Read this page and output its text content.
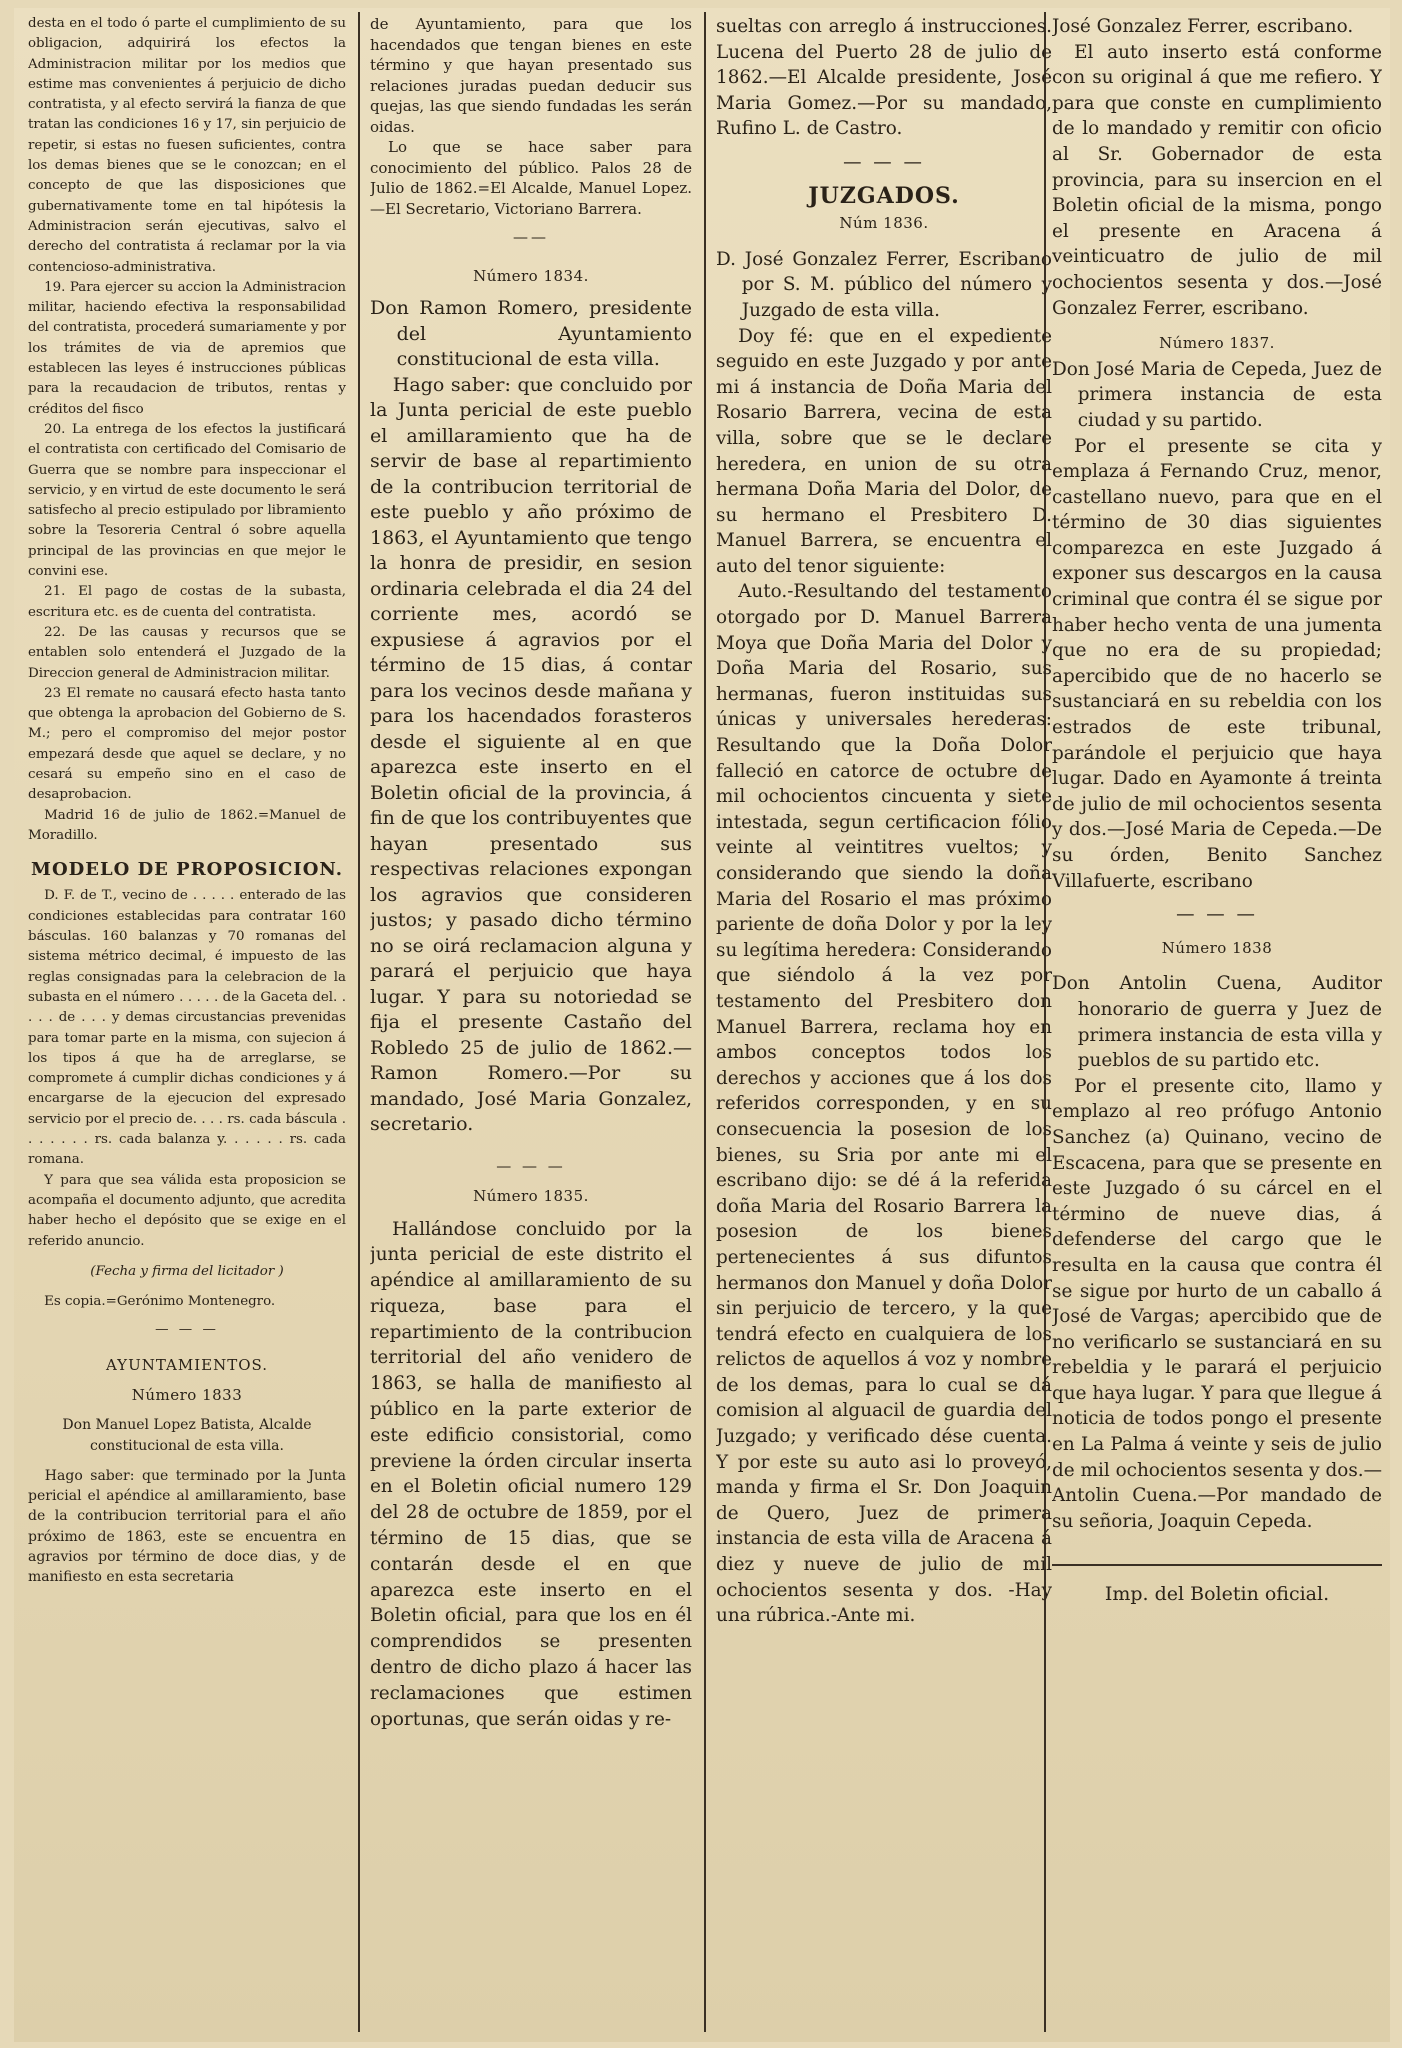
desta en el todo ó parte el cumplimiento de su obligacion, adquirirá los efectos la Administracion militar por los medios que estime mas convenientes á perjuicio de dicho contratista, y al efecto servirá la fianza de que tratan las condiciones 16 y 17, sin perjuicio de repetir, si estas no fuesen suficientes, contra los demas bienes que se le conozcan; en el concepto de que las disposiciones que gubernativamente tome en tal hipótesis la Administracion serán ejecutivas, salvo el derecho del contratista á reclamar por la via contencioso-administrativa.

19. Para ejercer su accion la Administracion militar, haciendo efectiva la responsabilidad del contratista, procederá sumariamente y por los trámites de via de apremios que establecen las leyes é instrucciones públicas para la recaudacion de tributos, rentas y créditos del fisco

20. La entrega de los efectos la justificará el contratista con certificado del Comisario de Guerra que se nombre para inspeccionar el servicio, y en virtud de este documento le será satisfecho al precio estipulado por libramiento sobre la Tesoreria Central ó sobre aquella principal de las provincias en que mejor le convini ese.

21. El pago de costas de la subasta, escritura etc. es de cuenta del contratista.

22. De las causas y recursos que se entablen solo entenderá el Juzgado de la Direccion general de Administracion militar.

23 El remate no causará efecto hasta tanto que obtenga la aprobacion del Gobierno de S. M.; pero el compromiso del mejor postor empezará desde que aquel se declare, y no cesará su empeño sino en el caso de desaprobacion.

Madrid 16 de julio de 1862.=Manuel de Moradillo.

MODELO DE PROPOSICION.

D. F. de T., vecino de . . . . . enterado de las condiciones establecidas para contratar 160 básculas. 160 balanzas y 70 romanas del sistema métrico decimal, é impuesto de las reglas consignadas para la celebracion de la subasta en el número . . . . . de la Gaceta del. . . . . de . . . y demas circustancias prevenidas para tomar parte en la misma, con sujecion á los tipos á que ha de arreglarse, se compromete á cumplir dichas condiciones y á encargarse de la ejecucion del expresado servicio por el precio de. . . . rs. cada báscula . . . . . . . rs. cada balanza y. . . . . . rs. cada romana.

Y para que sea válida esta proposicion se acompaña el documento adjunto, que acredita haber hecho el depósito que se exige en el referido anuncio.

(Fecha y firma del licitador )

Es copia.=Gerónimo Montenegro.

— — —
AYUNTAMIENTOS.
Número 1833

Don Manuel Lopez Batista, Alcalde constitucional de esta villa.

Hago saber: que terminado por la Junta pericial el apéndice al amillaramiento, base de la contribucion territorial para el año próximo de 1863, este se encuentra en agravios por término de doce dias, y de manifiesto en esta secretaria

de Ayuntamiento, para que los hacendados que tengan bienes en este término y que hayan presentado sus relaciones juradas puedan deducir sus quejas, las que siendo fundadas les serán oidas.

Lo que se hace saber para conocimiento del público. Palos 28 de Julio de 1862.=El Alcalde, Manuel Lopez.—El Secretario, Victoriano Barrera.

——
Número 1834.

Don Ramon Romero, presidente del Ayuntamiento constitucional de esta villa.

Hago saber: que concluido por la Junta pericial de este pueblo el amillaramiento que ha de servir de base al repartimiento de la contribucion territorial de este pueblo y año próximo de 1863, el Ayuntamiento que tengo la honra de presidir, en sesion ordinaria celebrada el dia 24 del corriente mes, acordó se expusiese á agravios por el término de 15 dias, á contar para los vecinos desde mañana y para los hacendados forasteros desde el siguiente al en que aparezca este inserto en el Boletin oficial de la provincia, á fin de que los contribuyentes que hayan presentado sus respectivas relaciones expongan los agravios que consideren justos; y pasado dicho término no se oirá reclamacion alguna y parará el perjuicio que haya lugar. Y para su notoriedad se fija el presente Castaño del Robledo 25 de julio de 1862.—Ramon Romero.—Por su mandado, José Maria Gonzalez, secretario.

— — —
Número 1835.

Hallándose concluido por la junta pericial de este distrito el apéndice al amillaramiento de su riqueza, base para el repartimiento de la contribucion territorial del año venidero de 1863, se halla de manifiesto al público en la parte exterior de este edificio consistorial, como previene la órden circular inserta en el Boletin oficial numero 129 del 28 de octubre de 1859, por el término de 15 dias, que se contarán desde el en que aparezca este inserto en el Boletin oficial, para que los en él comprendidos se presenten dentro de dicho plazo á hacer las reclamaciones que estimen oportunas, que serán oidas y re-

sueltas con arreglo á instrucciones. Lucena del Puerto 28 de julio de 1862.—El Alcalde presidente, José Maria Gomez.—Por su mandado, Rufino L. de Castro.

— — —
JUZGADOS.
Núm 1836.

D. José Gonzalez Ferrer, Escribano por S. M. público del número y Juzgado de esta villa.

Doy fé: que en el expediente seguido en este Juzgado y por ante mi á instancia de Doña Maria del Rosario Barrera, vecina de esta villa, sobre que se le declare heredera, en union de su otra hermana Doña Maria del Dolor, de su hermano el Presbitero D. Manuel Barrera, se encuentra el auto del tenor siguiente:

Auto.-Resultando del testamento otorgado por D. Manuel Barrera Moya que Doña Maria del Dolor y Doña Maria del Rosario, sus hermanas, fueron instituidas sus únicas y universales herederas: Resultando que la Doña Dolor falleció en catorce de octubre de mil ochocientos cincuenta y siete intestada, segun certificacion fólio veinte al veintitres vueltos; y considerando que siendo la doña Maria del Rosario el mas próximo pariente de doña Dolor y por la ley su legítima heredera: Considerando que siéndolo á la vez por testamento del Presbitero don Manuel Barrera, reclama hoy en ambos conceptos todos los derechos y acciones que á los dos referidos corresponden, y en su consecuencia la posesion de los bienes, su Sria por ante mi el escribano dijo: se dé á la referida doña Maria del Rosario Barrera la posesion de los bienes pertenecientes á sus difuntos hermanos don Manuel y doña Dolor sin perjuicio de tercero, y la que tendrá efecto en cualquiera de los relictos de aquellos á voz y nombre de los demas, para lo cual se dá comision al alguacil de guardia del Juzgado; y verificado dése cuenta. Y por este su auto asi lo proveyó, manda y firma el Sr. Don Joaquin de Quero, Juez de primera instancia de esta villa de Aracena á diez y nueve de julio de mil ochocientos sesenta y dos. -Hay una rúbrica.-Ante mi.

José Gonzalez Ferrer, escribano.

El auto inserto está conforme con su original á que me refiero. Y para que conste en cumplimiento de lo mandado y remitir con oficio al Sr. Gobernador de esta provincia, para su insercion en el Boletin oficial de la misma, pongo el presente en Aracena á veinticuatro de julio de mil ochocientos sesenta y dos.—José Gonzalez Ferrer, escribano.

Número 1837.

Don José Maria de Cepeda, Juez de primera instancia de esta ciudad y su partido.

Por el presente se cita y emplaza á Fernando Cruz, menor, castellano nuevo, para que en el término de 30 dias siguientes comparezca en este Juzgado á exponer sus descargos en la causa criminal que contra él se sigue por haber hecho venta de una jumenta que no era de su propiedad; apercibido que de no hacerlo se sustanciará en su rebeldia con los estrados de este tribunal, parándole el perjuicio que haya lugar. Dado en Ayamonte á treinta de julio de mil ochocientos sesenta y dos.—José Maria de Cepeda.—De su órden, Benito Sanchez Villafuerte, escribano

— — —
Número 1838

Don Antolin Cuena, Auditor honorario de guerra y Juez de primera instancia de esta villa y pueblos de su partido etc.

Por el presente cito, llamo y emplazo al reo prófugo Antonio Sanchez (a) Quinano, vecino de Escacena, para que se presente en este Juzgado ó su cárcel en el término de nueve dias, á defenderse del cargo que le resulta en la causa que contra él se sigue por hurto de un caballo á José de Vargas; apercibido que de no verificarlo se sustanciará en su rebeldia y le parará el perjuicio que haya lugar. Y para que llegue á noticia de todos pongo el presente en La Palma á veinte y seis de julio de mil ochocientos sesenta y dos.—Antolin Cuena.—Por mandado de su señoria, Joaquin Cepeda.

Imp. del Boletin oficial.
